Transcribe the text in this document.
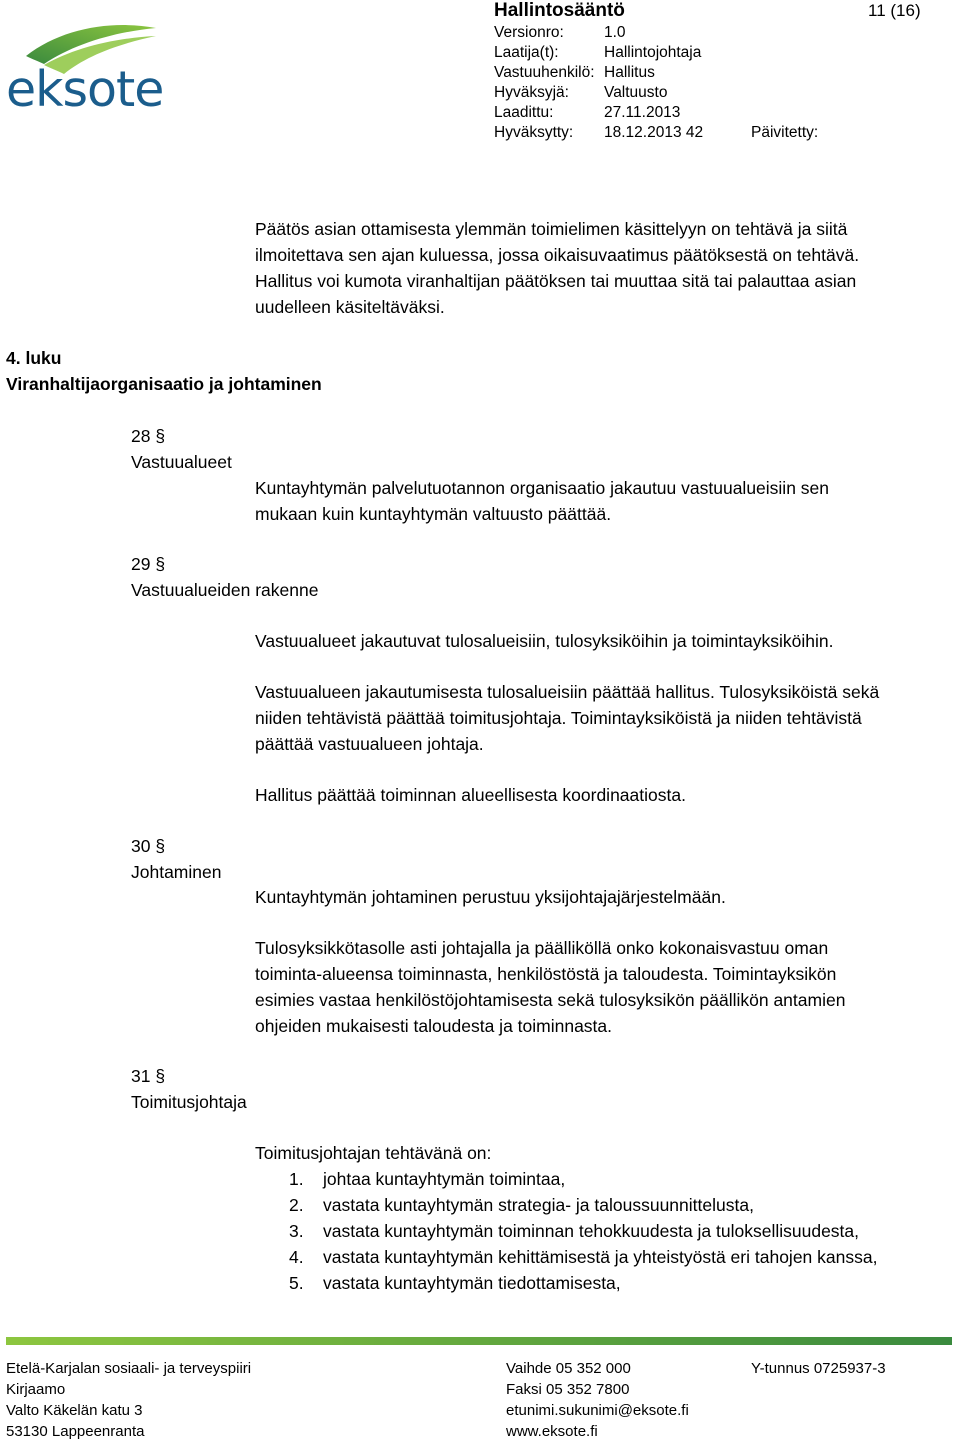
eksote
Hallintosääntö	11 (16)
Versionro:	1.0
Laatija(t):	Hallintojohtaja
Vastuuhenkilö: Hallitus
Hyväksyjä: Valtuusto
Laadittu:	27.11.2013
Hyväksytty: 18.12.2013 42	Päivitetty:
Päätös asian ottamisesta ylemmän toimielimen käsittelyyn on tehtävä ja siitä
ilmoitettava sen ajan kuluessa, jossa oikaisuvaatimus päätöksestä on tehtävä.
Hallitus voi kumota viranhaltijan päätöksen tai muuttaa sitä tai palauttaa asian
uudelleen käsiteltäväksi.
4. luku
Viranhaltijaorganisaatio ja johtaminen
28 §
Vastuualueet
Kuntayhtymän palvelutuotannon organisaatio jakautuu vastuualueisiin sen
mukaan kuin kuntayhtymän valtuusto päättää.
29 §
Vastuualueiden rakenne
Vastuualueet jakautuvat tulosalueisiin, tulosyksiköihin ja toimintayksiköihin.
Vastuualueen jakautumisesta tulosalueisiin päättää hallitus. Tulosyksiköistä sekä
niiden tehtävistä päättää toimitusjohtaja. Toimintayksiköistä ja niiden tehtävistä
päättää vastuualueen johtaja.
Hallitus päättää toiminnan alueellisesta koordinaatiosta.
30 §
Johtaminen
Kuntayhtymän johtaminen perustuu yksijohtajajärjestelmään.
Tulosyksikkötasolle asti johtajalla ja päälliköllä onko kokonaisvastuu oman
toiminta-alueensa toiminnasta, henkilöstöstä ja taloudesta. Toimintayksikön
esimies vastaa henkilöstöjohtamisesta sekä tulosyksikön päällikön antamien
ohjeiden mukaisesti taloudesta ja toiminnasta.
31 §
Toimitusjohtaja
Toimitusjohtajan tehtävänä on:
1. johtaa kuntayhtymän toimintaa,
2. vastata kuntayhtymän strategia- ja taloussuunnittelusta,
3. vastata kuntayhtymän toiminnan tehokkuudesta ja tuloksellisuudesta,
4. vastata kuntayhtymän kehittämisestä ja yhteistyöstä eri tahojen kanssa,
5. vastata kuntayhtymän tiedottamisesta,
Etelä-Karjalan sosiaali- ja terveyspiiri
Kirjaamo
Valto Käkelän katu 3
53130 Lappeenranta
Vaihde 05 352 000
Faksi 05 352 7800
etunimi.sukunimi@eksote.fi
www.eksote.fi
Y-tunnus 0725937-3
